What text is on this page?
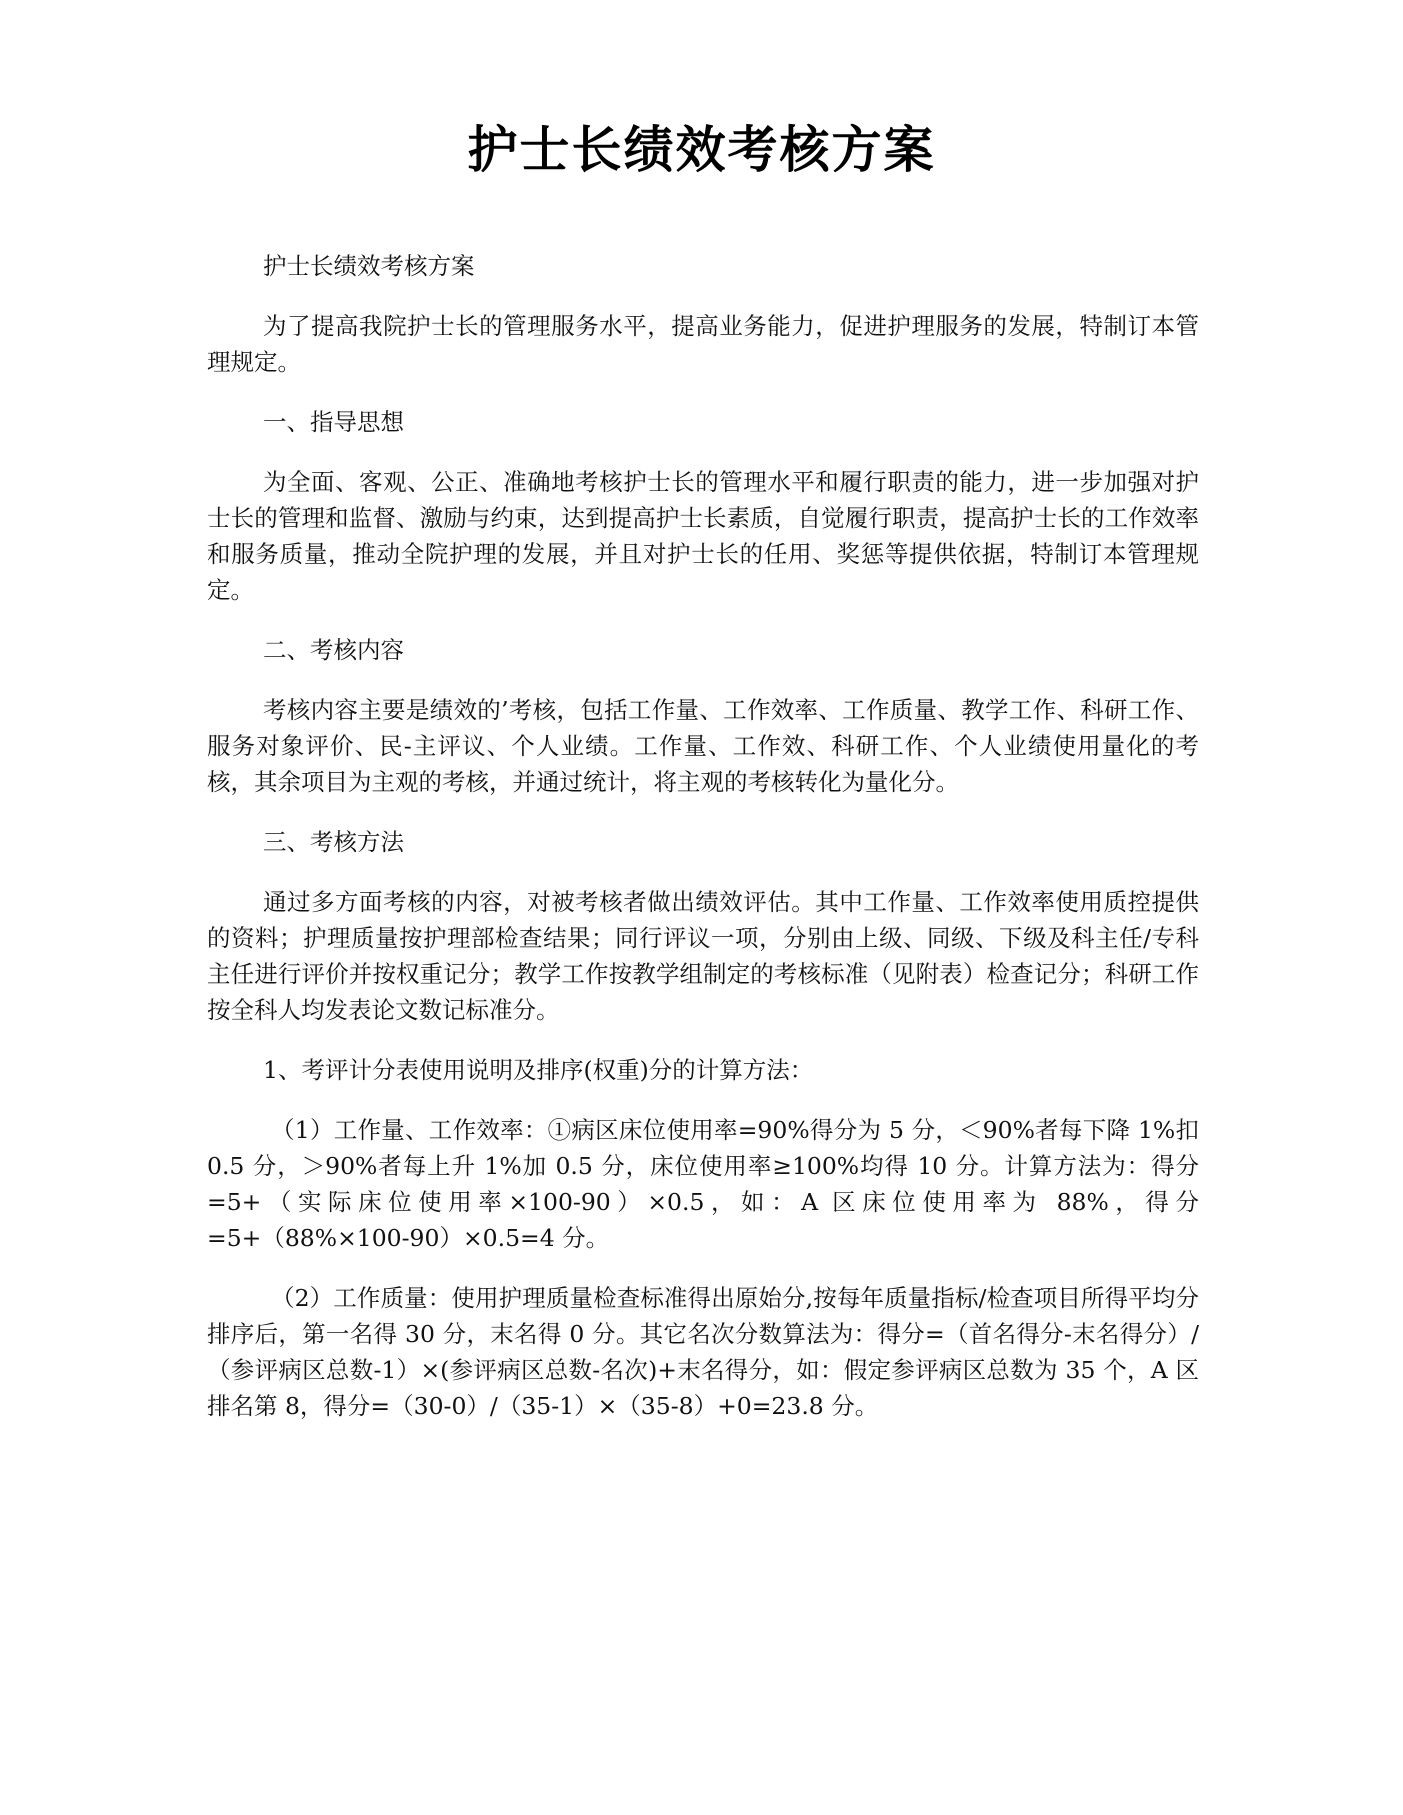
护士长绩效考核方案

护士长绩效考核方案

为了提高我院护士长的管理服务水平，提高业务能力，促进护理服务的发展，特制订本管理规定。

一、指导思想

为全面、客观、公正、准确地考核护士长的管理水平和履行职责的能力，进一步加强对护士长的管理和监督、激励与约束，达到提高护士长素质，自觉履行职责，提高护士长的工作效率和服务质量，推动全院护理的发展，并且对护士长的任用、奖惩等提供依据，特制订本管理规定。

二、考核内容

考核内容主要是绩效的’考核，包括工作量、工作效率、工作质量、教学工作、科研工作、服务对象评价、民-主评议、个人业绩。工作量、工作效、科研工作、个人业绩使用量化的考核，其余项目为主观的考核，并通过统计，将主观的考核转化为量化分。

三、考核方法

通过多方面考核的内容，对被考核者做出绩效评估。其中工作量、工作效率使用质控提供的资料；护理质量按护理部检查结果；同行评议一项，分别由上级、同级、下级及科主任/专科主任进行评价并按权重记分；教学工作按教学组制定的考核标准（见附表）检查记分；科研工作按全科人均发表论文数记标准分。

1、考评计分表使用说明及排序(权重)分的计算方法：

（1）工作量、工作效率：①病区床位使用率=90%得分为 5 分，＜90%者每下降 1%扣 0.5 分，＞90%者每上升 1%加 0.5 分，床位使用率≥100%均得 10 分。计算方法为：得分=5+（实际床位使用率×100-90）×0.5，如：A 区床位使用率为 88%，得分=5+（88%×100-90）×0.5=4 分。

（2）工作质量：使用护理质量检查标准得出原始分,按每年质量指标/检查项目所得平均分排序后，第一名得 30 分，末名得 0 分。其它名次分数算法为：得分=（首名得分-末名得分）/（参评病区总数-1）×(参评病区总数-名次)+末名得分，如：假定参评病区总数为 35 个，A 区排名第 8，得分=（30-0）/（35-1）×（35-8）+0=23.8 分。
